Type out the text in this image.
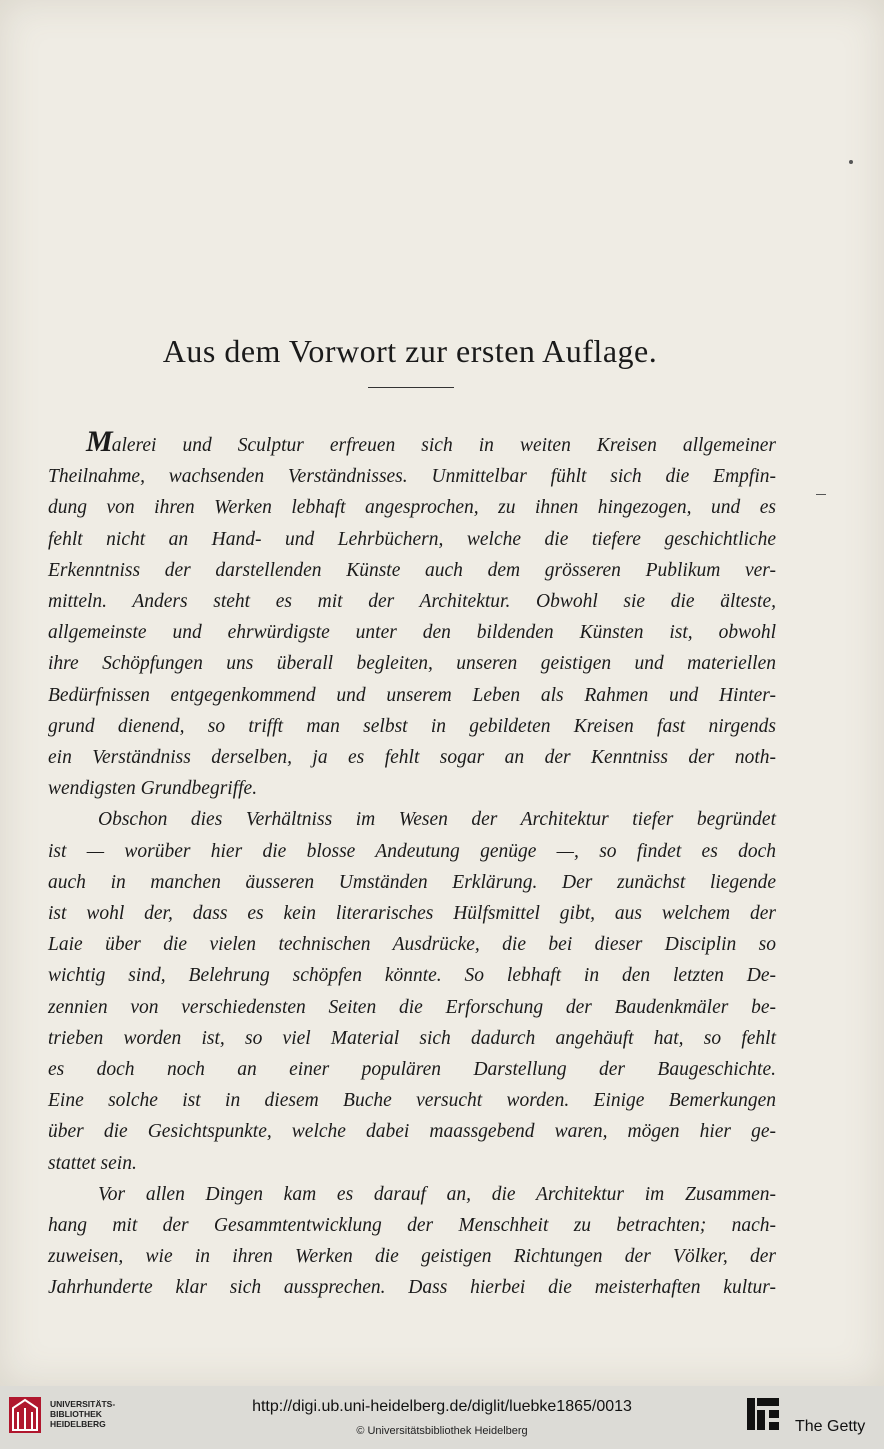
Aus dem Vorwort zur ersten Auflage.
Malerei und Sculptur erfreuen sich in weiten Kreisen allgemeiner
Theilnahme, wachsenden Verständnisses. Unmittelbar fühlt sich die Empfin-
dung von ihren Werken lebhaft angesprochen, zu ihnen hingezogen, und es
fehlt nicht an Hand- und Lehrbüchern, welche die tiefere geschichtliche
Erkenntniss der darstellenden Künste auch dem grösseren Publikum ver-
mitteln. Anders steht es mit der Architektur. Obwohl sie die älteste,
allgemeinste und ehrwürdigste unter den bildenden Künsten ist, obwohl
ihre Schöpfungen uns überall begleiten, unseren geistigen und materiellen
Bedürfnissen entgegenkommend und unserem Leben als Rahmen und Hinter-
grund dienend, so trifft man selbst in gebildeten Kreisen fast nirgends
ein Verständniss derselben, ja es fehlt sogar an der Kenntniss der noth-
wendigsten Grundbegriffe.
Obschon dies Verhältniss im Wesen der Architektur tiefer begründet
ist — worüber hier die blosse Andeutung genüge —, so findet es doch
auch in manchen äusseren Umständen Erklärung. Der zunächst liegende
ist wohl der, dass es kein literarisches Hülfsmittel gibt, aus welchem der
Laie über die vielen technischen Ausdrücke, die bei dieser Disciplin so
wichtig sind, Belehrung schöpfen könnte. So lebhaft in den letzten De-
zennien von verschiedensten Seiten die Erforschung der Baudenkmäler be-
trieben worden ist, so viel Material sich dadurch angehäuft hat, so fehlt
es doch noch an einer populären Darstellung der Baugeschichte.
Eine solche ist in diesem Buche versucht worden. Einige Bemerkungen
über die Gesichtspunkte, welche dabei maassgebend waren, mögen hier ge-
stattet sein.
Vor allen Dingen kam es darauf an, die Architektur im Zusammen-
hang mit der Gesammtentwicklung der Menschheit zu betrachten; nach-
zuweisen, wie in ihren Werken die geistigen Richtungen der Völker, der
Jahrhunderte klar sich aussprechen. Dass hierbei die meisterhaften kultur-
UNIVERSITÄTS-
BIBLIOTHEK
HEIDELBERG
http://digi.ub.uni-heidelberg.de/diglit/luebke1865/0013
© Universitätsbibliothek Heidelberg	The Getty
